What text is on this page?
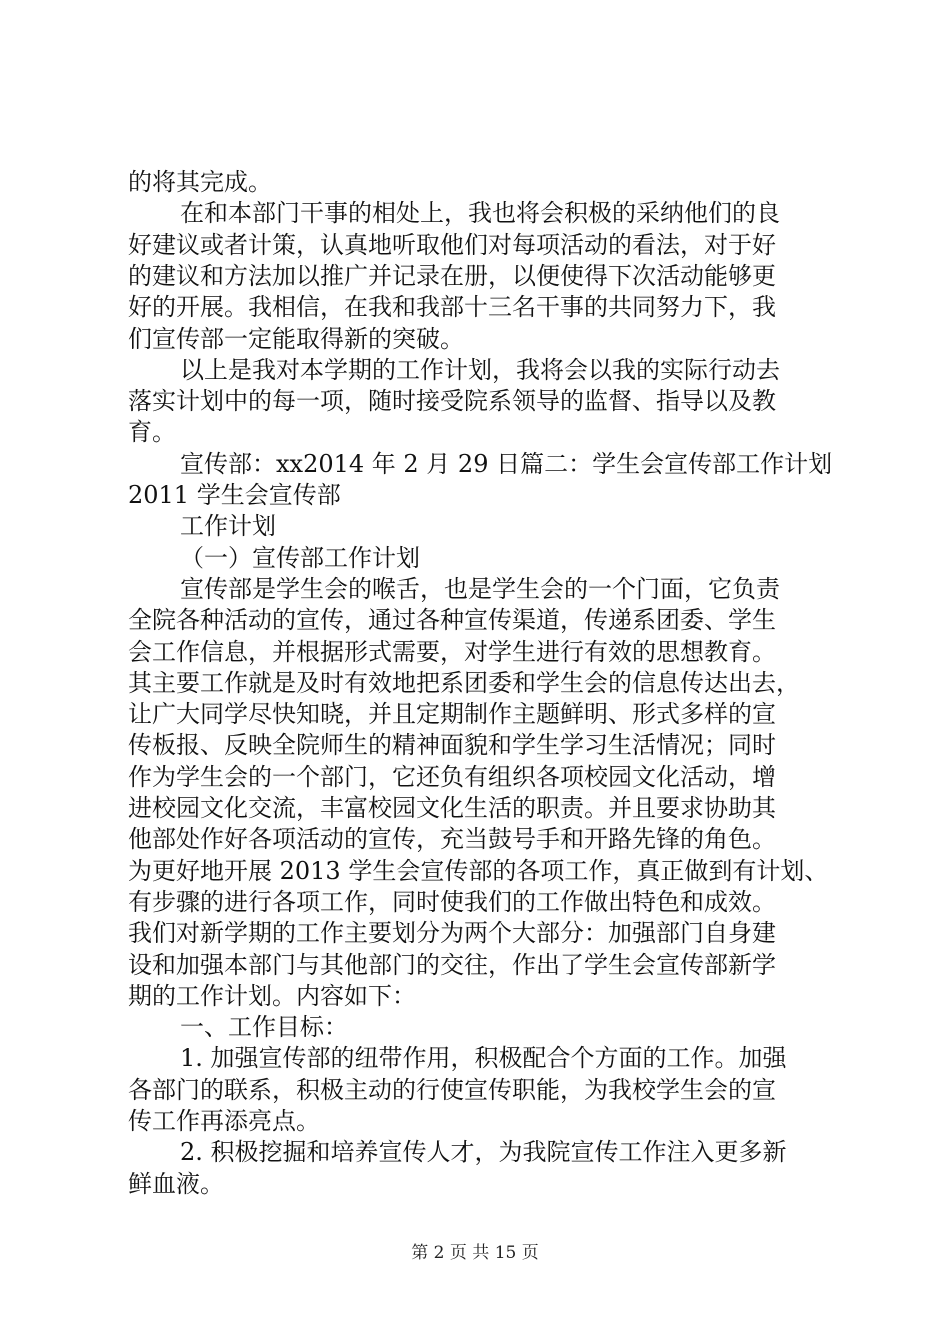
的将其完成。
在和本部门干事的相处上，我也将会积极的采纳他们的良
好建议或者计策，认真地听取他们对每项活动的看法，对于好
的建议和方法加以推广并记录在册，以便使得下次活动能够更
好的开展。我相信，在我和我部十三名干事的共同努力下，我
们宣传部一定能取得新的突破。
以上是我对本学期的工作计划，我将会以我的实际行动去
落实计划中的每一项，随时接受院系领导的监督、指导以及教
育。
宣传部：xx2014 年 2 月 29 日篇二：学生会宣传部工作计划
2011 学生会宣传部
工作计划
（一）宣传部工作计划
宣传部是学生会的喉舌，也是学生会的一个门面，它负责
全院各种活动的宣传，通过各种宣传渠道，传递系团委、学生
会工作信息，并根据形式需要，对学生进行有效的思想教育。
其主要工作就是及时有效地把系团委和学生会的信息传达出去，
让广大同学尽快知晓，并且定期制作主题鲜明、形式多样的宣
传板报、反映全院师生的精神面貌和学生学习生活情况；同时
作为学生会的一个部门，它还负有组织各项校园文化活动，增
进校园文化交流，丰富校园文化生活的职责。并且要求协助其
他部处作好各项活动的宣传，充当鼓号手和开路先锋的角色。
为更好地开展 2013 学生会宣传部的各项工作，真正做到有计划、
有步骤的进行各项工作，同时使我们的工作做出特色和成效。
我们对新学期的工作主要划分为两个大部分：加强部门自身建
设和加强本部门与其他部门的交往，作出了学生会宣传部新学
期的工作计划。内容如下：
一、工作目标：
1. 加强宣传部的纽带作用，积极配合个方面的工作。加强
各部门的联系，积极主动的行使宣传职能，为我校学生会的宣
传工作再添亮点。
2. 积极挖掘和培养宣传人才，为我院宣传工作注入更多新
鲜血液。
第 2 页 共 15 页
